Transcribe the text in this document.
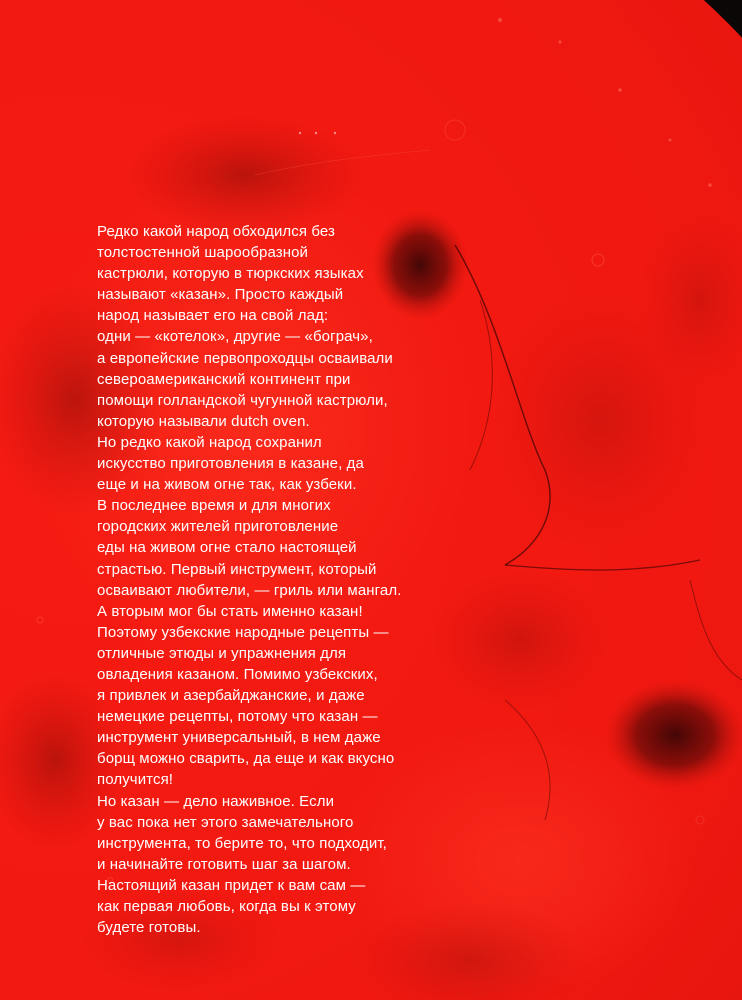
Редко какой народ обходился без
толстостенной шарообразной
кастрюли, которую в тюркских языках
называют «казан». Просто каждый
народ называет его на свой лад:
одни — «котелок», другие — «бограч»,
а европейские первопроходцы осваивали
североамериканский континент при
помощи голландской чугунной кастрюли,
которую называли dutch oven.
Но редко какой народ сохранил
искусство приготовления в казане, да
еще и на живом огне так, как узбеки.
В последнее время и для многих
городских жителей приготовление
еды на живом огне стало настоящей
страстью. Первый инструмент, который
осваивают любители, — гриль или мангал.
А вторым мог бы стать именно казан!
Поэтому узбекские народные рецепты —
отличные этюды и упражнения для
овладения казаном. Помимо узбекских,
я привлек и азербайджанские, и даже
немецкие рецепты, потому что казан —
инструмент универсальный, в нем даже
борщ можно сварить, да еще и как вкусно
получится!
Но казан — дело наживное. Если
у вас пока нет этого замечательного
инструмента, то берите то, что подходит,
и начинайте готовить шаг за шагом.
Настоящий казан придет к вам сам —
как первая любовь, когда вы к этому
будете готовы.
